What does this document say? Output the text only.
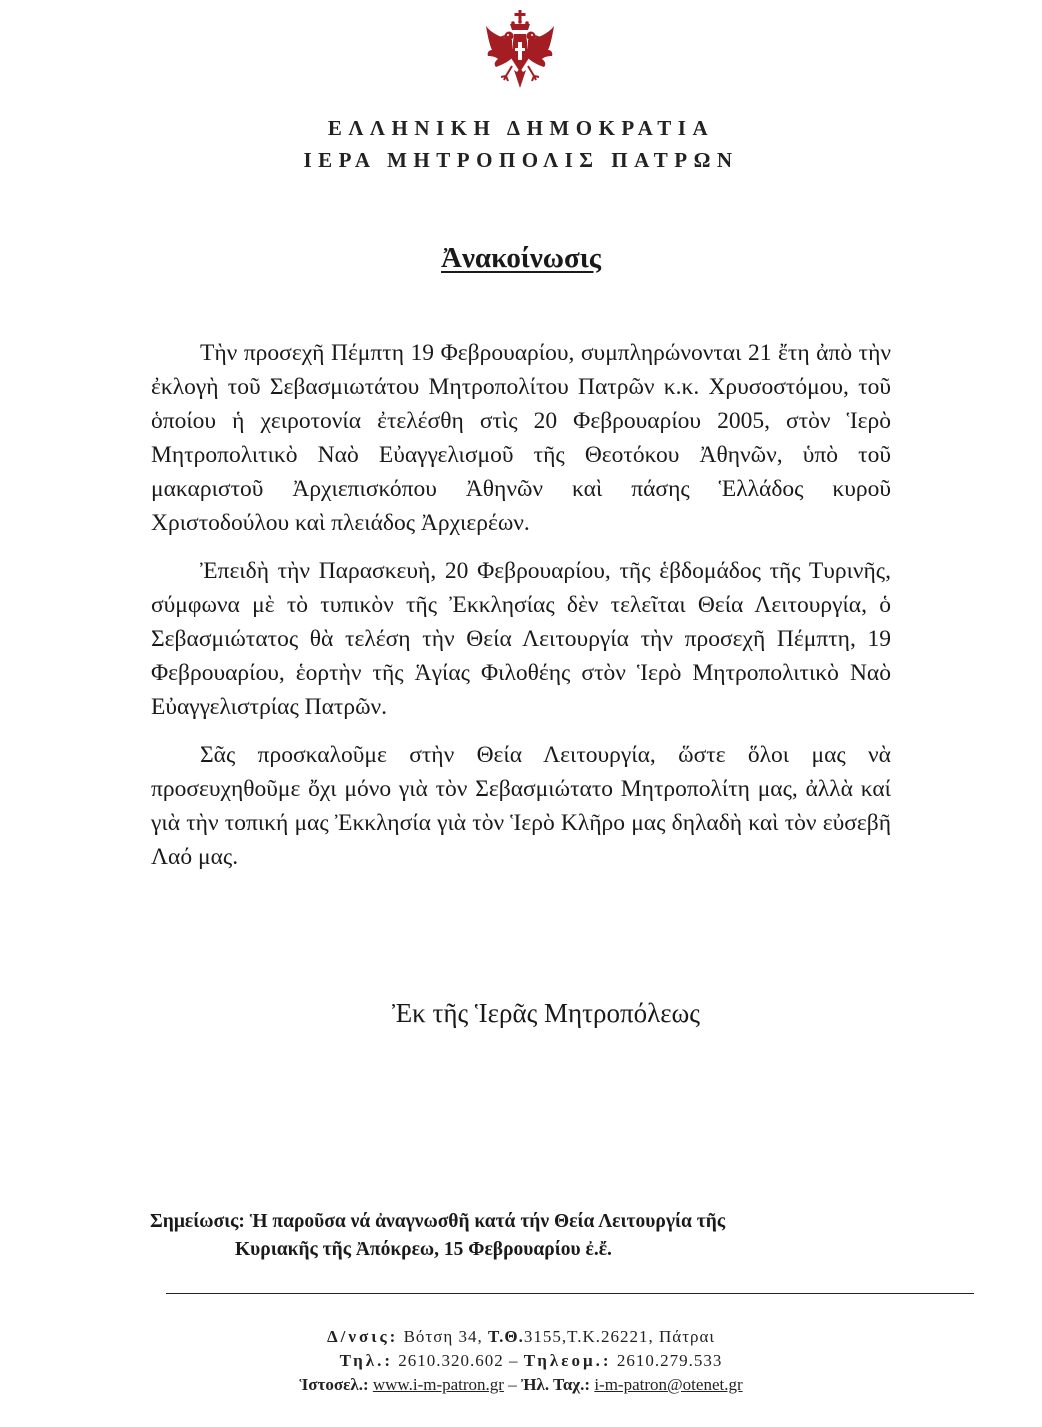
ΕΛΛΗΝΙΚΗ ΔΗΜΟΚΡΑΤΙΑ
ΙΕΡΑ ΜΗΤΡΟΠΟΛΙΣ ΠΑΤΡΩΝ
Ἀνακοίνωσις

Τὴν προσεχῆ Πέμπτη 19 Φεβρουαρίου, συμπληρώνονται 21 ἔτη ἀπὸ τὴν ἐκλογὴ τοῦ Σεβασμιωτάτου Μητροπολίτου Πατρῶν κ.κ. Χρυσοστόμου, τοῦ ὁποίου ἡ χειροτονία ἐτελέσθη στὶς 20 Φεβρουαρίου 2005, στὸν Ἱερὸ Μητροπολιτικὸ Ναὸ Εὐαγγελισμοῦ τῆς Θεοτόκου Ἀθηνῶν, ὑπὸ τοῦ μακαριστοῦ Ἀρχιεπισκόπου Ἀθηνῶν καὶ πάσης Ἑλλάδος κυροῦ Χριστοδούλου καὶ πλειάδος Ἀρχιερέων.

Ἐπειδὴ τὴν Παρασκευὴ, 20 Φεβρουαρίου, τῆς ἑβδομάδος τῆς Τυρινῆς, σύμφωνα μὲ τὸ τυπικὸν τῆς Ἐκκλησίας δὲν τελεῖται Θεία Λειτουργία, ὁ Σεβασμιώτατος θὰ τελέση τὴν Θεία Λειτουργία τὴν προσεχῆ Πέμπτη, 19 Φεβρουαρίου, ἑορτὴν τῆς Ἁγίας Φιλοθέης στὸν Ἱερὸ Μητροπολιτικὸ Ναὸ Εὐαγγελιστρίας Πατρῶν.

Σᾶς προσκαλοῦμε στὴν Θεία Λειτουργία, ὥστε ὅλοι μας νὰ προσευχηθοῦμε ὄχι μόνο γιὰ τὸν Σεβασμιώτατο Μητροπολίτη μας, ἀλλὰ καί γιὰ τὴν τοπική μας Ἐκκλησία γιὰ τὸν Ἱερὸ Κλῆρο μας δηλαδὴ καὶ τὸν εὐσεβῆ Λαό μας.

Ἐκ τῆς Ἱερᾶς Μητροπόλεως
Σημείωσις: Ἡ παροῦσα νά ἀναγνωσθῆ κατά τήν Θεία Λειτουργία τῆς
Κυριακῆς τῆς Ἀπόκρεω, 15 Φεβρουαρίου ἐ.ἔ.
Δ/νσις: Βότση 34, Τ.Θ.3155,Τ.Κ.26221, Πάτραι
Τηλ.: 2610.320.602 – Τηλεομ.: 2610.279.533
Ἱστοσελ.: www.i-m-patron.gr – Ἠλ. Ταχ.: i-m-patron@otenet.gr
